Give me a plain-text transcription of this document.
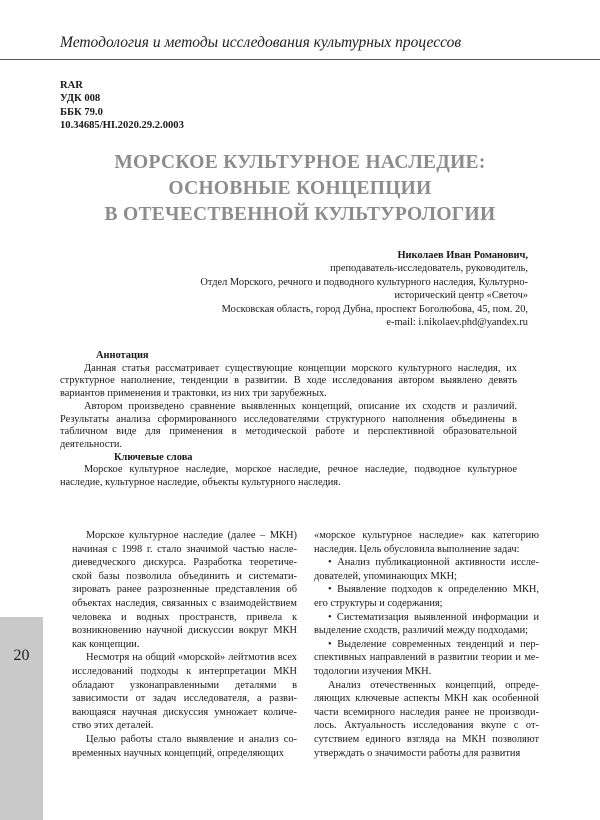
Методология и методы исследования культурных процессов
RAR
УДК 008
ББК 79.0
10.34685/HI.2020.29.2.0003
МОРСКОЕ КУЛЬТУРНОЕ НАСЛЕДИЕ:
ОСНОВНЫЕ КОНЦЕПЦИИ
В ОТЕЧЕСТВЕННОЙ КУЛЬТУРОЛОГИИ
Николаев Иван Романович,
преподаватель-исследователь, руководитель,
Отдел Морского, речного и подводного культурного наследия, Культурно-
исторический центр «Светоч»
Московская область, город Дубна, проспект Боголюбова, 45, пом. 20,
e-mail: i.nikolaev.phd@yandex.ru
Аннотация

Данная статья рассматривает существующие концепции морского культурного наследия, их структурное наполнение, тенденции в развитии. В ходе исследования автором выявлено девять вариантов применения и трактовки, из них три зарубежных.

Автором произведено сравнение выявленных концепций, описание их сходств и различий. Результаты анализа сформированного исследователями структурного наполнения объединены в табличном виде для применения в методической работе и перспективной образовательной деятельности.

Ключевые слова

Морское культурное наследие, морское наследие, речное наследие, подводное культурное наследие, культурное наследие, объекты культурного наследия.

Морское культурное наследие (далее – МКН) начиная с 1998 г. стало значимой частью наследиеведческого дискурса. Разработка теоретической базы позволила объединить и систематизировать ранее разрозненные представления об объектах наследия, связанных с взаимодействием человека и водных пространств, привела к возникновению научной дискуссии вокруг МКН как концепции.

Несмотря на общий «морской» лейтмотив всех исследований подходы к интерпретации МКН обладают узконаправленными деталями в зависимости от задач исследователя, а развивающаяся научная дискуссия умножает количество этих деталей.

Целью работы стало выявление и анализ современных научных концепций, определяющих

«морское культурное наследие» как категорию наследия. Цель обусловила выполнение задач:

• Анализ публикационной активности исследователей, упоминающих МКН;

• Выявление подходов к определению МКН, его структуры и содержания;

• Систематизация выявленной информации и выделение сходств, различий между подходами;

• Выделение современных тенденций и перспективных направлений в развитии теории и методологии изучения МКН.

Анализ отечественных концепций, определяющих ключевые аспекты МКН как особенной части всемирного наследия ранее не производилось. Актуальность исследования вкупе с отсутствием единого взгляда на МКН позволяют утверждать о значимости работы для развития

20
